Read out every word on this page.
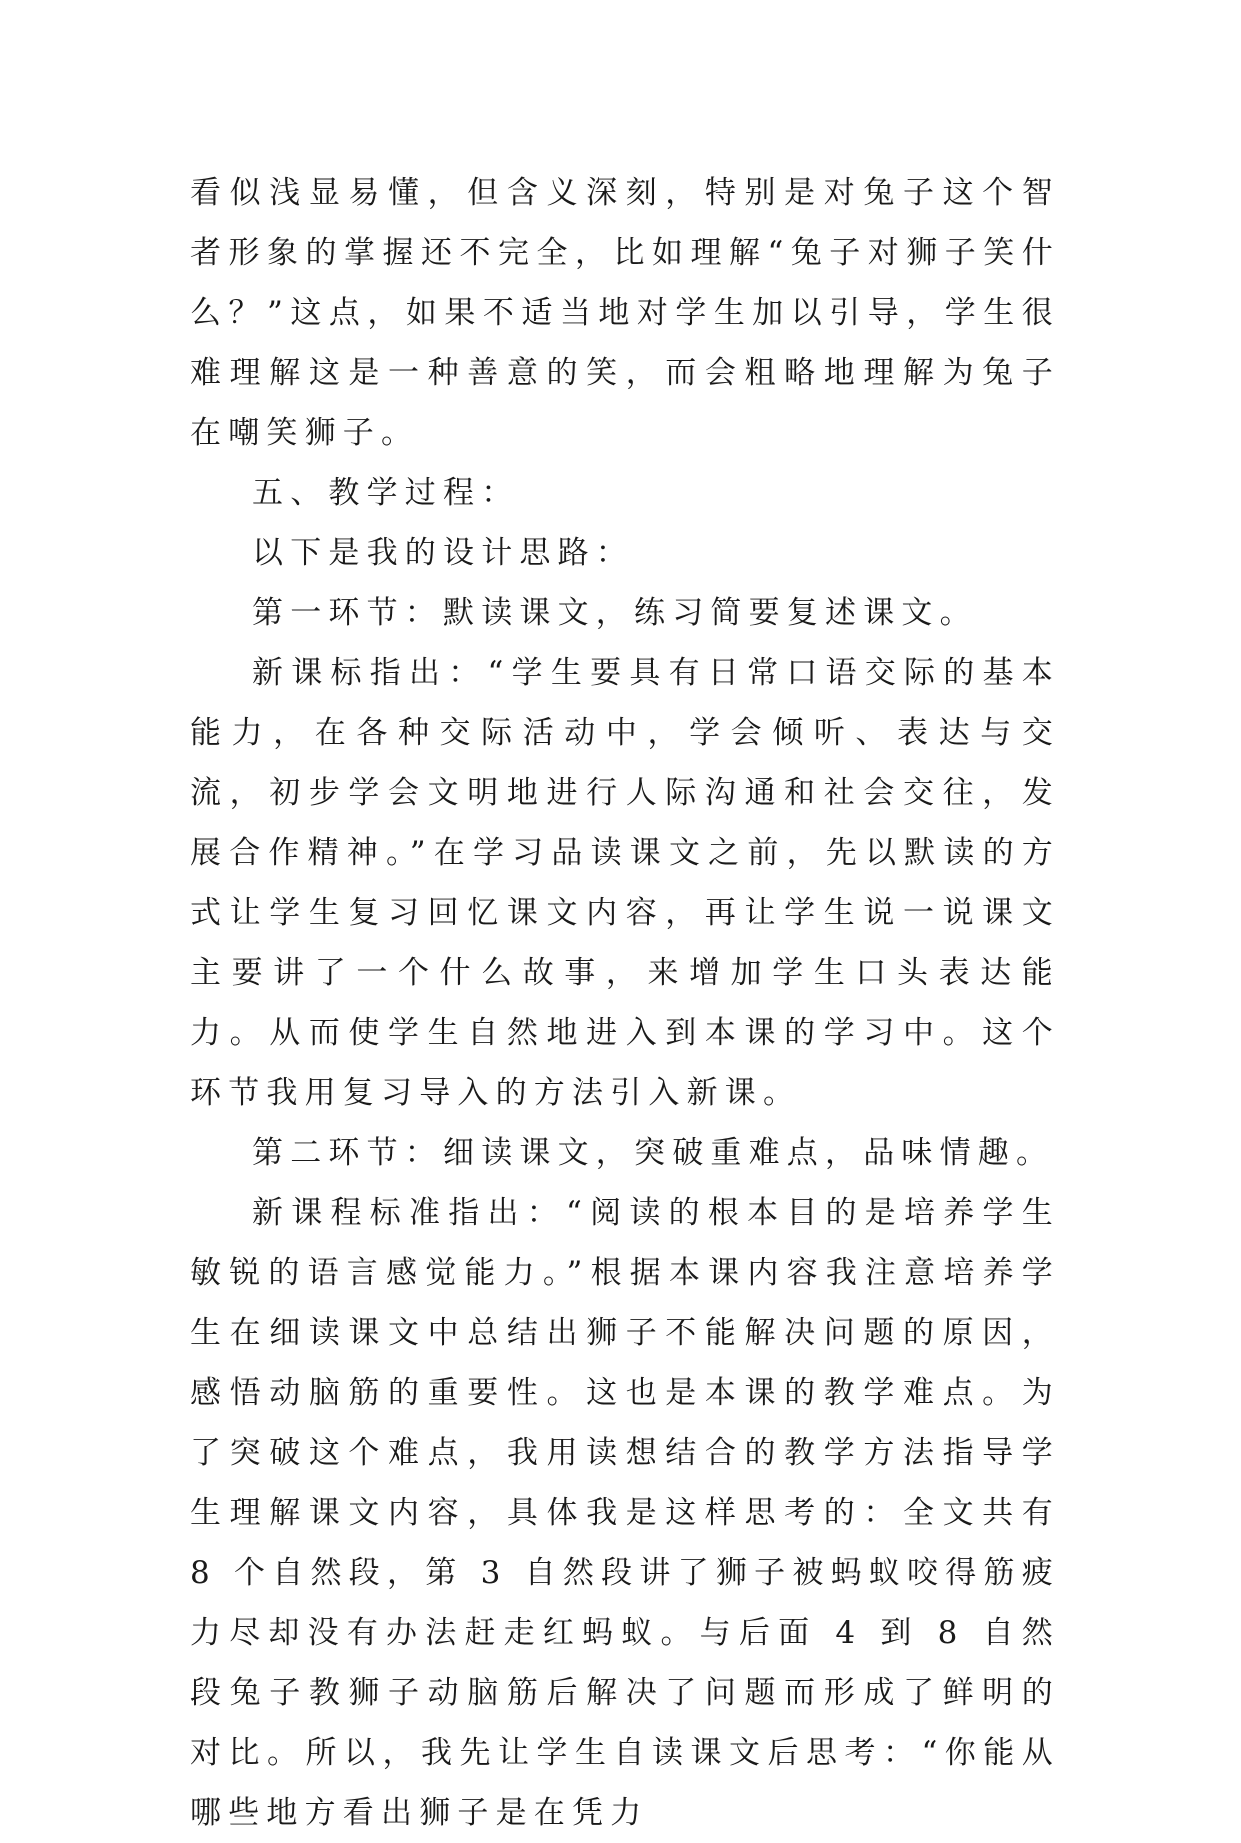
看似浅显易懂，但含义深刻，特别是对兔子这个智者形象的掌握还不完全，比如理解“兔子对狮子笑什么？”这点，如果不适当地对学生加以引导，学生很难理解这是一种善意的笑，而会粗略地理解为兔子在嘲笑狮子。

五、教学过程：

以下是我的设计思路：

第一环节：默读课文，练习简要复述课文。

新课标指出：“学生要具有日常口语交际的基本能力，在各种交际活动中，学会倾听、表达与交流，初步学会文明地进行人际沟通和社会交往，发展合作精神。”在学习品读课文之前，先以默读的方式让学生复习回忆课文内容，再让学生说一说课文主要讲了一个什么故事，来增加学生口头表达能力。从而使学生自然地进入到本课的学习中。这个环节我用复习导入的方法引入新课。

第二环节：细读课文，突破重难点，品味情趣。

新课程标准指出：“阅读的根本目的是培养学生敏锐的语言感觉能力。”根据本课内容我注意培养学生在细读课文中总结出狮子不能解决问题的原因，感悟动脑筋的重要性。这也是本课的教学难点。为了突破这个难点，我用读想结合的教学方法指导学生理解课文内容，具体我是这样思考的：全文共有 8 个自然段，第 3 自然段讲了狮子被蚂蚁咬得筋疲力尽却没有办法赶走红蚂蚁。与后面 4 到 8 自然段兔子教狮子动脑筋后解决了问题而形成了鲜明的对比。所以，我先让学生自读课文后思考：“你能从哪些地方看出狮子是在凭力
